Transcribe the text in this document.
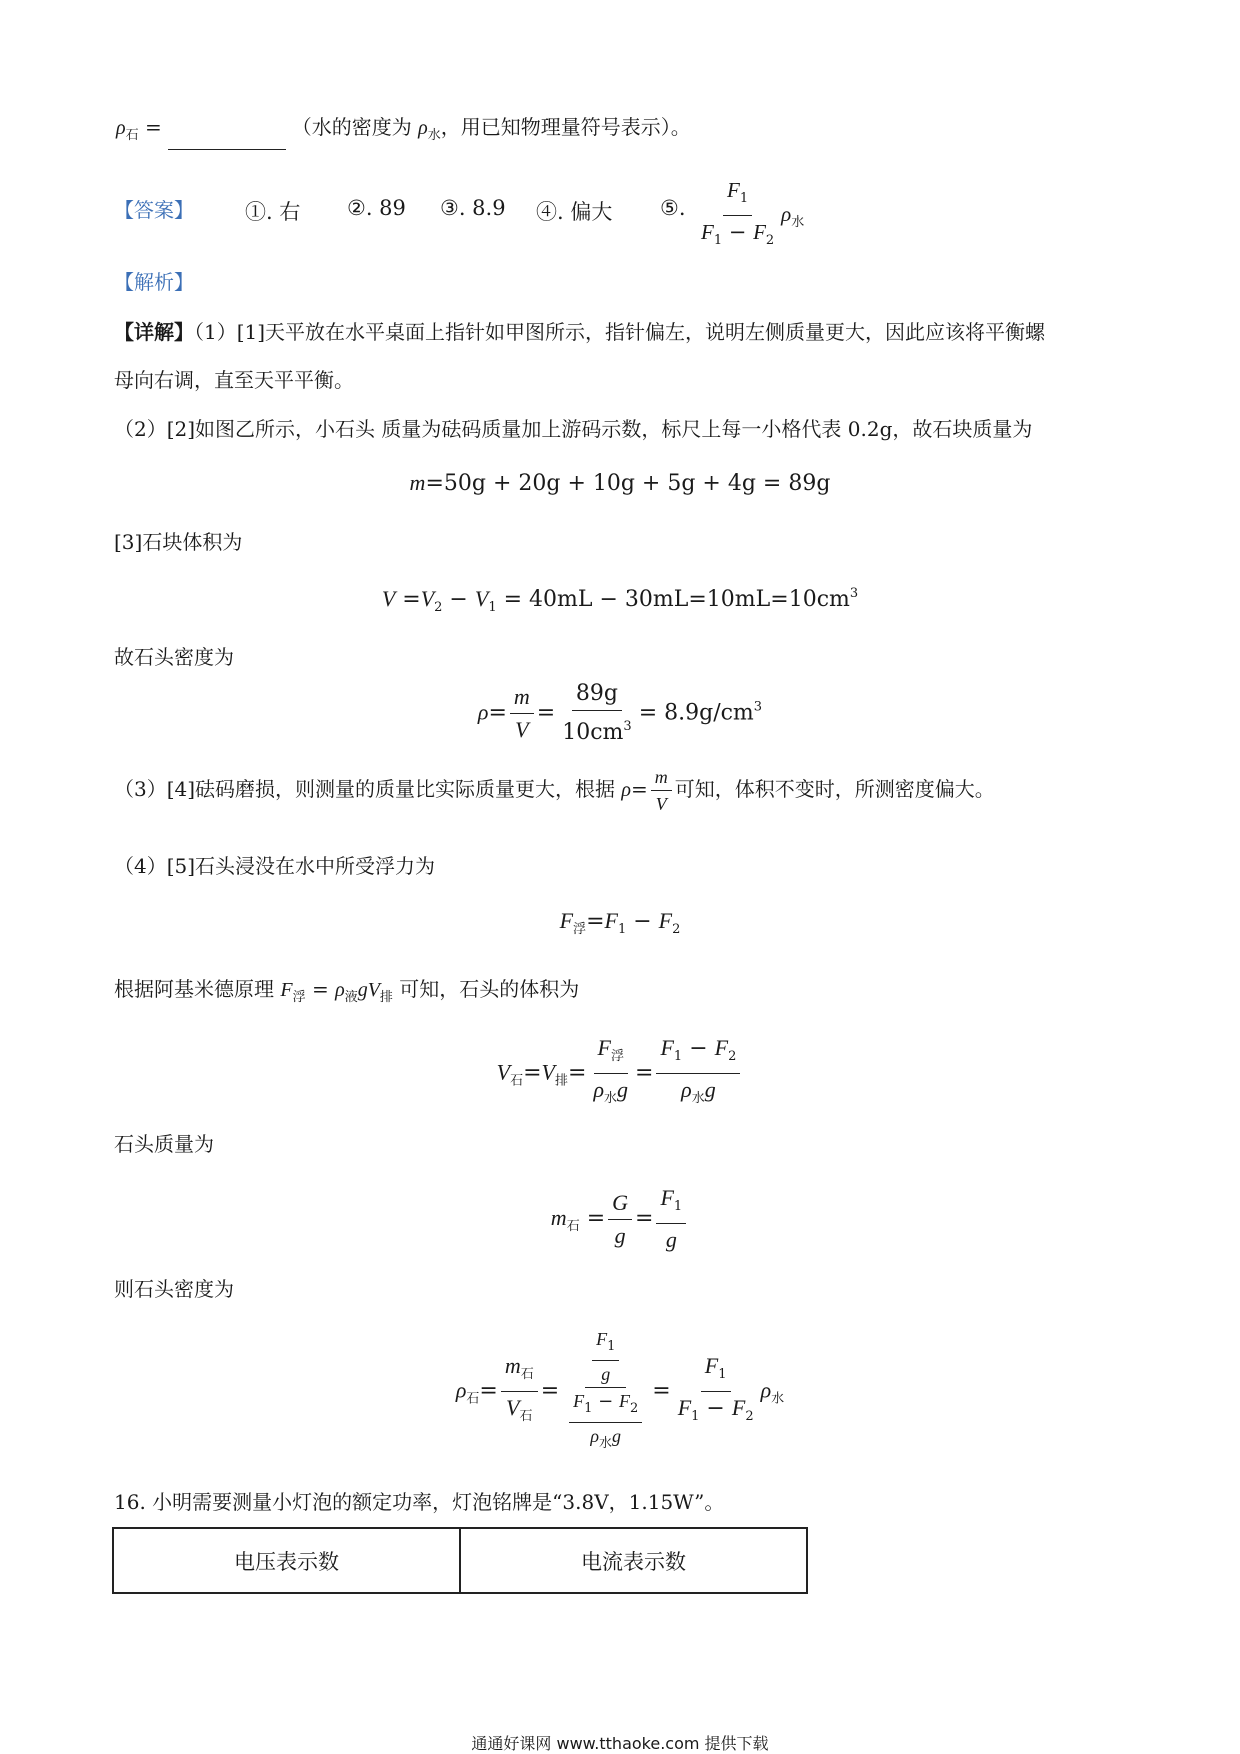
$\rho_石$ =	（水的密度为 $\rho_水$，用已知物理量符号表示）。
【答案】 ①. 右 ②. 89 ③. 8.9 ④. 偏大 ⑤. $\frac{F_1}{F_1 - F_2} \rho_水$
【解析】
【详解】（1）[1]天平放在水平桌面上指针如甲图所示，指针偏左，说明左侧质量更大，因此应该将平衡螺
母向右调，直至天平平衡。
（2）[2]如图乙所示，小石头 质量为砝码质量加上游码示数，标尺上每一小格代表 0.2g，故石块质量为
m=50g + 20g + 10g + 5g + 4g = 89g
[3]石块体积为
$V =V_2 - V_1 = 40mL - 30mL=10mL=10cm^3$
故石头密度为
$\rho= \frac{m}{V} = \frac{89g}{10cm^3} = 8.9g/cm^3$
（3）[4]砝码磨损，则测量的质量比实际质量更大，根据 $\rho= \frac{m}{V}$ 可知，体积不变时，所测密度偏大。
（4）[5]石头浸没在水中所受浮力为
$F_浮=F_1 - F_2$
根据阿基米德原理 $F_浮 = \rho_液gV_排$ 可知，石头的体积为
$V_石=V_排= \frac{F_浮}{\rho_水g} = \frac{F_1 - F_2}{\rho_水g}$
石头质量为
$m_石 = \frac{G}{g} = \frac{F_1}{g}$
则石头密度为
$\rho_石= \frac{m_石}{V_石} = \frac{\frac{F_1}{g}}{\frac{F_1 - F_2}{\rho_水g}} = \frac{F_1}{F_1 - F_2} \rho_水$
16. 小明需要测量小灯泡的额定功率，灯泡铭牌是“3.8V，1.15W”。
电压表示数	电流表示数
通通好课网 www.tthaoke.com 提供下载
